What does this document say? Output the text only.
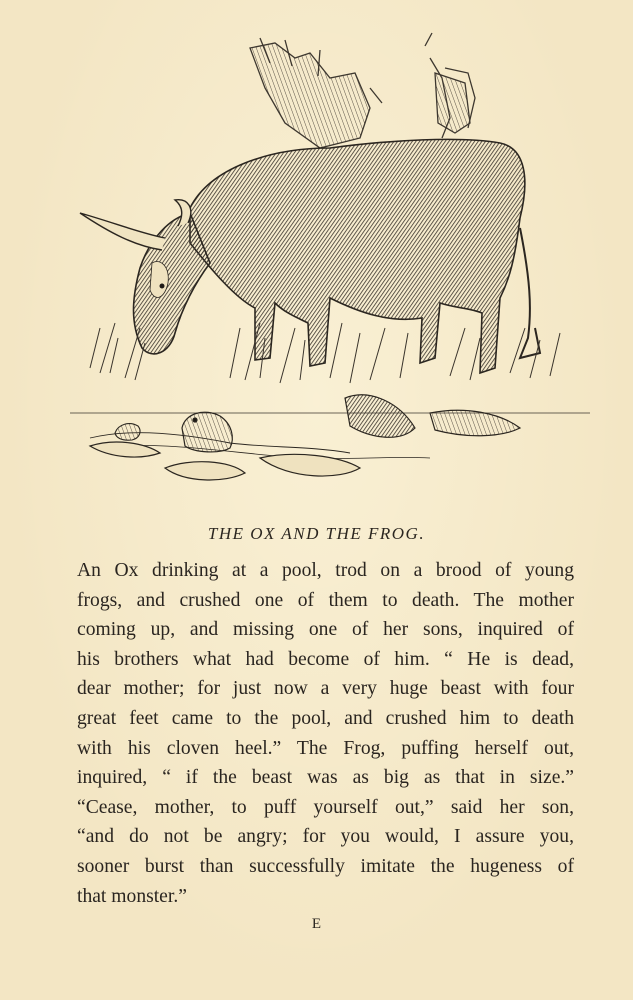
THE OX AND THE FROG.
An Ox drinking at a pool, trod on a brood of young
frogs, and crushed one of them to death. The mother
coming up, and missing one of her sons, inquired of
his brothers what had become of him. “ He is dead,
dear mother; for just now a very huge beast with four
great feet came to the pool, and crushed him to death
with his cloven heel.” The Frog, puffing herself out,
inquired, “ if the beast was as big as that in size.”
“Cease, mother, to puff yourself out,” said her son,
“and do not be angry; for you would, I assure you,
sooner burst than successfully imitate the hugeness of
that monster.”
E
